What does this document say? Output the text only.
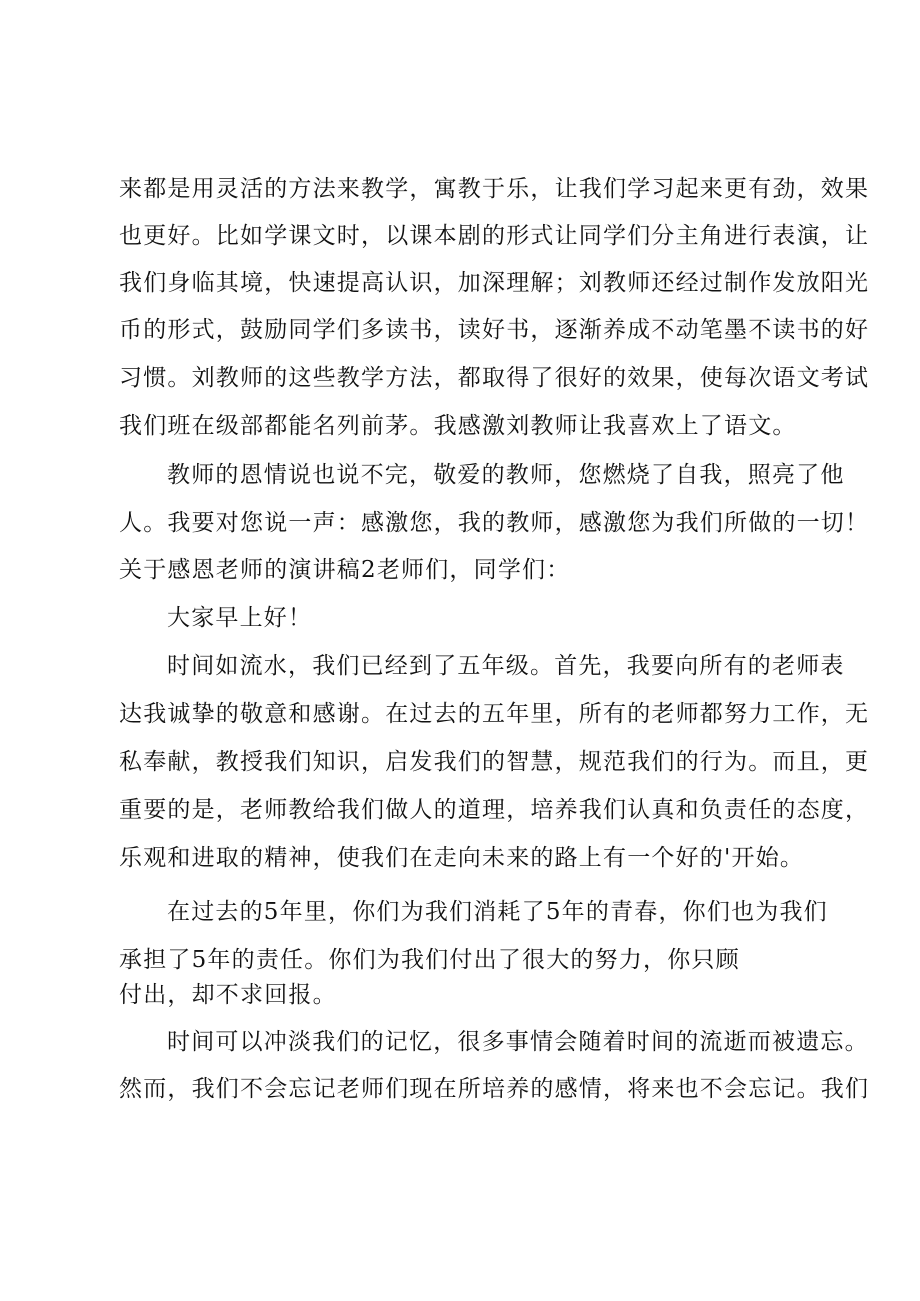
来都是用灵活的方法来教学，寓教于乐，让我们学习起来更有劲，效果
也更好。比如学课文时，以课本剧的形式让同学们分主角进行表演，让
我们身临其境，快速提高认识，加深理解；刘教师还经过制作发放阳光
币的形式，鼓励同学们多读书，读好书，逐渐养成不动笔墨不读书的好
习惯。刘教师的这些教学方法，都取得了很好的效果，使每次语文考试
我们班在级部都能名列前茅。我感激刘教师让我喜欢上了语文。
教师的恩情说也说不完，敬爱的教师，您燃烧了自我，照亮了他
人。我要对您说一声：感激您，我的教师，感激您为我们所做的一切！
关于感恩老师的演讲稿2老师们，同学们：
大家早上好！
时间如流水，我们已经到了五年级。首先，我要向所有的老师表
达我诚挚的敬意和感谢。在过去的五年里，所有的老师都努力工作，无
私奉献，教授我们知识，启发我们的智慧，规范我们的行为。而且，更
重要的是，老师教给我们做人的道理，培养我们认真和负责任的态度，
乐观和进取的精神，使我们在走向未来的路上有一个好的'开始。
在过去的5年里，你们为我们消耗了5年的青春，你们也为我们
承担了5年的责任。你们为我们付出了很大的努力，你只顾
付出，却不求回报。
时间可以冲淡我们的记忆，很多事情会随着时间的流逝而被遗忘。
然而，我们不会忘记老师们现在所培养的感情，将来也不会忘记。我们
